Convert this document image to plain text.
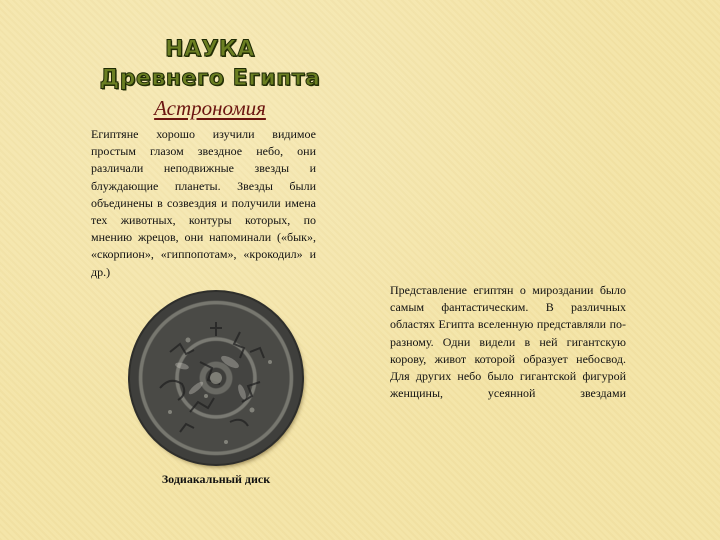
НАУКА
Древнего Египта
Астрономия

Египтяне хорошо изучили видимое простым глазом звездное небо, они различали неподвижные звезды и блуждающие планеты. Звезды были объединены в созвездия и получили имена тех животных, контуры которых, по мнению жрецов, они напоминали («бык», «скорпион», «гиппопотам», «крокодил» и др.)

Представление египтян о мироздании было самым фантастическим. В различных областях Египта вселенную представляли по-разному. Одни видели в ней гигантскую корову, живот которой образует небосвод. Для других небо было гигантской фигурой женщины, усеянной звездами

Зодиакальный диск
